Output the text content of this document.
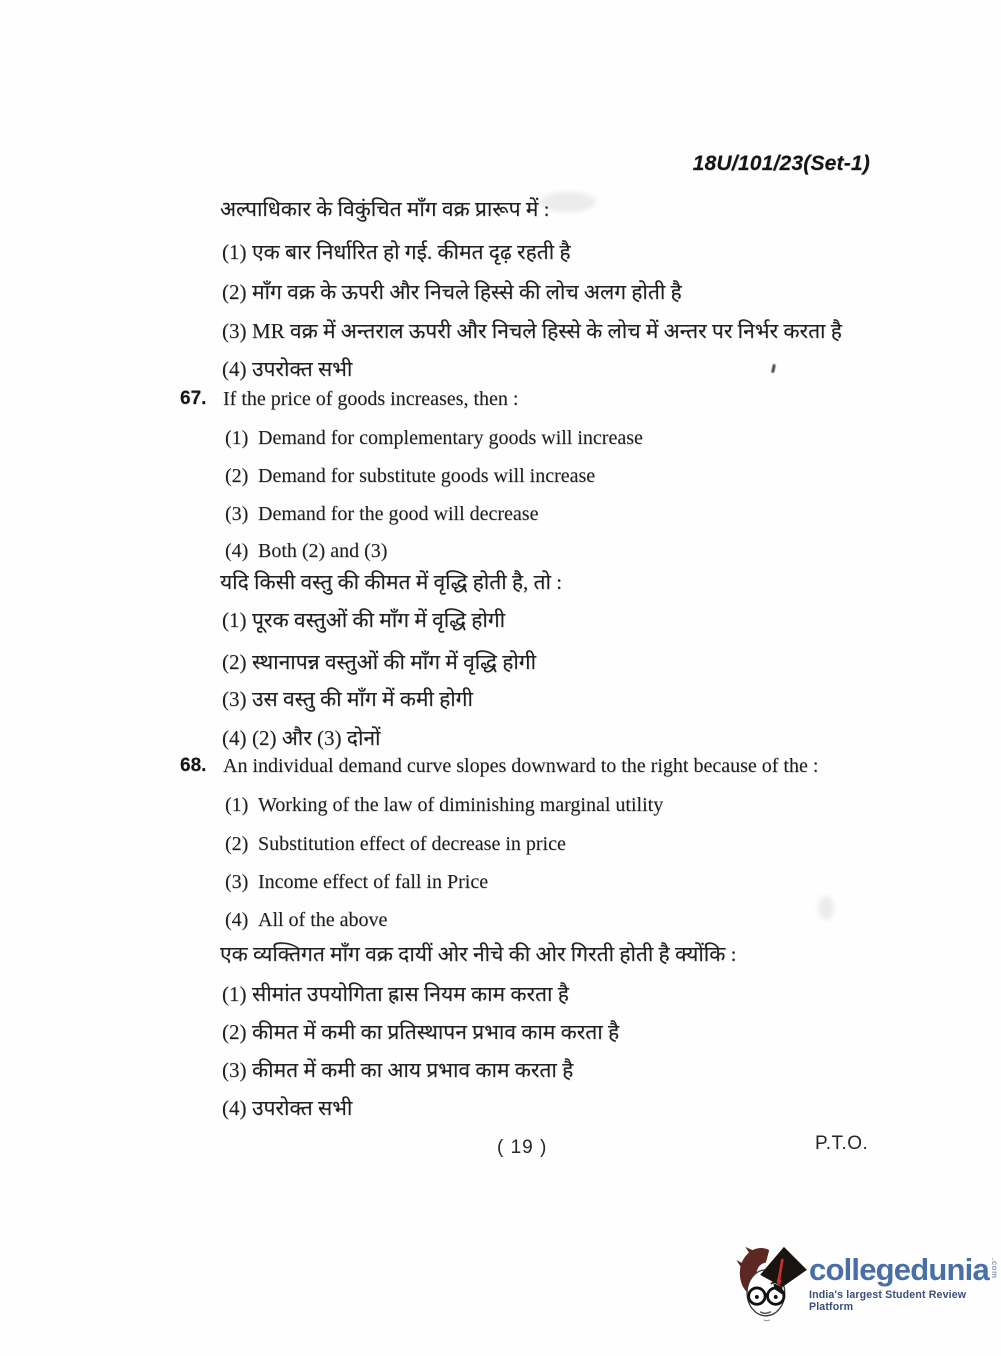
18U/101/23(Set-1)
अल्पाधिकार के विकुंचित माँग वक्र प्रारूप में :
(1) एक बार निर्धारित हो गई. कीमत दृढ़ रहती है
(2) माँग वक्र के ऊपरी और निचले हिस्से की लोच अलग होती है
(3) MR वक्र में अन्तराल ऊपरी और निचले हिस्से के लोच में अन्तर पर निर्भर करता है
(4) उपरोक्त सभी
67. If the price of goods increases, then :
(1) Demand for complementary goods will increase
(2) Demand for substitute goods will increase
(3) Demand for the good will decrease
(4) Both (2) and (3)
यदि किसी वस्तु की कीमत में वृद्धि होती है, तो :
(1) पूरक वस्तुओं की माँग में वृद्धि होगी
(2) स्थानापन्न वस्तुओं की माँग में वृद्धि होगी
(3) उस वस्तु की माँग में कमी होगी
(4) (2) और (3) दोनों
68. An individual demand curve slopes downward to the right because of the :
(1) Working of the law of diminishing marginal utility
(2) Substitution effect of decrease in price
(3) Income effect of fall in Price
(4) All of the above
एक व्यक्तिगत माँग वक्र दायीं ओर नीचे की ओर गिरती होती है क्योंकि :
(1) सीमांत उपयोगिता ह्रास नियम काम करता है
(2) कीमत में कमी का प्रतिस्थापन प्रभाव काम करता है
(3) कीमत में कमी का आय प्रभाव काम करता है
(4) उपरोक्त सभी
( 19 )	P.T.O.
collegedunia .com
India's largest Student Review Platform
